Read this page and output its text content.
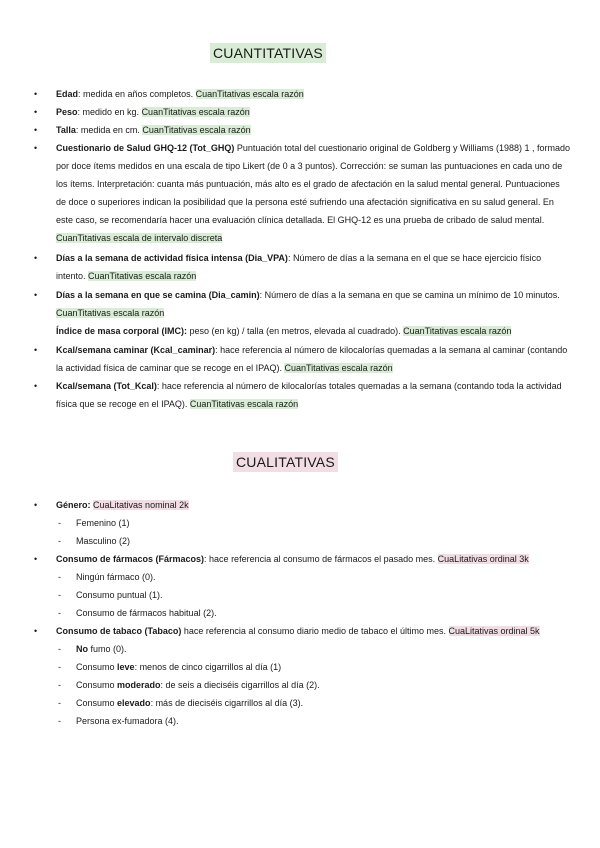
CUANTITATIVAS
• Edad: medida en años completos. CuanTitativas escala razón
• Peso: medido en kg. CuanTitativas escala razón
• Talla: medida en cm. CuanTitativas escala razón
• Cuestionario de Salud GHQ-12 (Tot_GHQ) Puntuación total del cuestionario original de Goldberg y Williams (1988) 1 , formado por doce ítems medidos en una escala de tipo Likert (de 0 a 3 puntos). Corrección: se suman las puntuaciones en cada uno de los ítems. Interpretación: cuanta más puntuación, más alto es el grado de afectación en la salud mental general. Puntuaciones de doce o superiores indican la posibilidad que la persona esté sufriendo una afectación significativa en su salud general. En este caso, se recomendaría hacer una evaluación clínica detallada. El GHQ-12 es una prueba de cribado de salud mental. CuanTitativas escala de intervalo discreta
• Días a la semana de actividad física intensa (Dia_VPA): Número de días a la semana en el que se hace ejercicio físico intento. CuanTitativas escala razón
• Días a la semana en que se camina (Dia_camin): Número de días a la semana en que se camina un mínimo de 10 minutos. CuanTitativas escala razón
Índice de masa corporal (IMC): peso (en kg) / talla (en metros, elevada al cuadrado). CuanTitativas escala razón
• Kcal/semana caminar (Kcal_caminar): hace referencia al número de kilocalorías quemadas a la semana al caminar (contando la actividad física de caminar que se recoge en el IPAQ). CuanTitativas escala razón
• Kcal/semana (Tot_Kcal): hace referencia al número de kilocalorías totales quemadas a la semana (contando toda la actividad física que se recoge en el IPAQ). CuanTitativas escala razón
CUALITATIVAS
• Género: CuaLitativas nominal 2k
- Femenino (1)
- Masculino (2)
• Consumo de fármacos (Fármacos): hace referencia al consumo de fármacos el pasado mes. CuaLitativas ordinal 3k
- Ningún fármaco (0).
- Consumo puntual (1).
- Consumo de fármacos habitual (2).
• Consumo de tabaco (Tabaco) hace referencia al consumo diario medio de tabaco el último mes. CuaLitativas ordinal 5k
- No fumo (0).
- Consumo leve: menos de cinco cigarrillos al día (1)
- Consumo moderado: de seis a dieciséis cigarrillos al día (2).
- Consumo elevado: más de dieciséis cigarrillos al día (3).
- Persona ex-fumadora (4).
